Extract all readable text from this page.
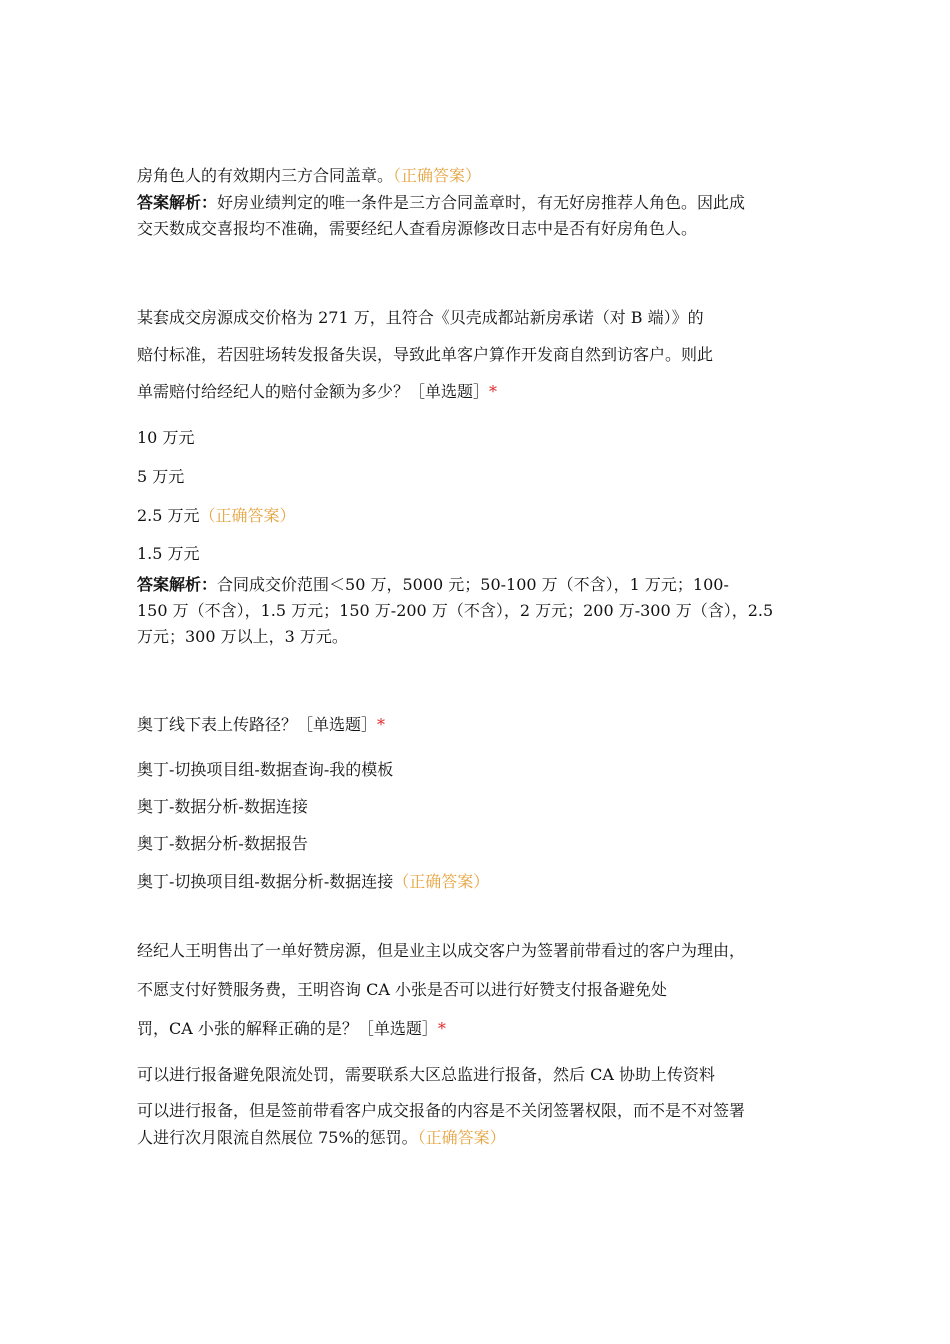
房角色人的有效期内三方合同盖章。（正确答案）
答案解析：好房业绩判定的唯一条件是三方合同盖章时，有无好房推荐人角色。因此成
交天数成交喜报均不准确，需要经纪人查看房源修改日志中是否有好房角色人。
某套成交房源成交价格为 271 万，且符合《贝壳成都站新房承诺（对 B 端）》的
赔付标准，若因驻场转发报备失误，导致此单客户算作开发商自然到访客户。则此
单需赔付给经纪人的赔付金额为多少？［单选题］*
10 万元
5 万元
2.5 万元（正确答案）
1.5 万元
答案解析：合同成交价范围＜50 万，5000 元；50-100 万（不含），1 万元；100-
150 万（不含），1.5 万元；150 万-200 万（不含），2 万元；200 万-300 万（含），2.5
万元；300 万以上，3 万元。
奥丁线下表上传路径？［单选题］*
奥丁-切换项目组-数据查询-我的模板
奥丁-数据分析-数据连接
奥丁-数据分析-数据报告
奥丁-切换项目组-数据分析-数据连接（正确答案）
经纪人王明售出了一单好赞房源，但是业主以成交客户为签署前带看过的客户为理由，
不愿支付好赞服务费，王明咨询 CA 小张是否可以进行好赞支付报备避免处
罚，CA 小张的解释正确的是？［单选题］*
可以进行报备避免限流处罚，需要联系大区总监进行报备，然后 CA 协助上传资料
可以进行报备，但是签前带看客户成交报备的内容是不关闭签署权限，而不是不对签署
人进行次月限流自然展位 75%的惩罚。（正确答案）
